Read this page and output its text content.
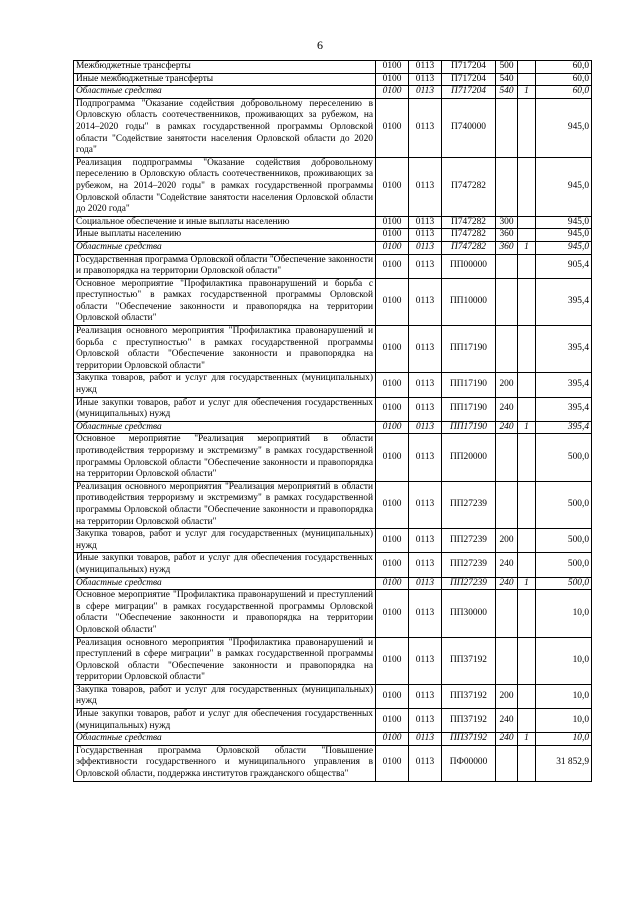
6
Межбюджетные трансферты	0100	0113	П717204	500		60,0
Иные межбюджетные трансферты	0100	0113	П717204	540		60,0
Областные средства	0100	0113	П717204	540	1	60,0
Подпрограмма "Оказание содействия добровольному переселению в Орловскую область соотечественников, проживающих за рубежом, на 2014–2020 годы" в рамках государственной программы Орловской области "Содействие занятости населения Орловской области до 2020 года"	0100	0113	П740000			945,0
Реализация подпрограммы "Оказание содействия добровольному переселению в Орловскую область соотечественников, проживающих за рубежом, на 2014–2020 годы" в рамках государственной программы Орловской области "Содействие занятости населения Орловской области до 2020 года"	0100	0113	П747282			945,0
Социальное обеспечение и иные выплаты населению	0100	0113	П747282	300		945,0
Иные выплаты населению	0100	0113	П747282	360		945,0
Областные средства	0100	0113	П747282	360	1	945,0
Государственная программа Орловской области "Обеспечение законности и правопорядка на территории Орловской области"	0100	0113	ПП00000			905,4
Основное мероприятие "Профилактика правонарушений и борьба с преступностью" в рамках государственной программы Орловской области "Обеспечение законности и правопорядка на территории Орловской области"	0100	0113	ПП10000			395,4
Реализация основного мероприятия "Профилактика правонарушений и борьба с преступностью" в рамках государственной программы Орловской области "Обеспечение законности и правопорядка на территории Орловской области"	0100	0113	ПП17190			395,4
Закупка товаров, работ и услуг для государственных (муниципальных) нужд	0100	0113	ПП17190	200		395,4
Иные закупки товаров, работ и услуг для обеспечения государственных (муниципальных) нужд	0100	0113	ПП17190	240		395,4
Областные средства	0100	0113	ПП17190	240	1	395,4
Основное мероприятие "Реализация мероприятий в области противодействия терроризму и экстремизму" в рамках государственной программы Орловской области "Обеспечение законности и правопорядка на территории Орловской области"	0100	0113	ПП20000			500,0
Реализация основного мероприятия "Реализация мероприятий в области противодействия терроризму и экстремизму" в рамках государственной программы Орловской области "Обеспечение законности и правопорядка на территории Орловской области"	0100	0113	ПП27239			500,0
Закупка товаров, работ и услуг для государственных (муниципальных) нужд	0100	0113	ПП27239	200		500,0
Иные закупки товаров, работ и услуг для обеспечения государственных (муниципальных) нужд	0100	0113	ПП27239	240		500,0
Областные средства	0100	0113	ПП27239	240	1	500,0
Основное мероприятие "Профилактика правонарушений и преступлений в сфере миграции" в рамках государственной программы Орловской области "Обеспечение законности и правопорядка на территории Орловской области"	0100	0113	ПП30000			10,0
Реализация основного мероприятия "Профилактика правонарушений и преступлений в сфере миграции" в рамках государственной программы Орловской области "Обеспечение законности и правопорядка на территории Орловской области"	0100	0113	ПП37192			10,0
Закупка товаров, работ и услуг для государственных (муниципальных) нужд	0100	0113	ПП37192	200		10,0
Иные закупки товаров, работ и услуг для обеспечения государственных (муниципальных) нужд	0100	0113	ПП37192	240		10,0
Областные средства	0100	0113	ПП37192	240	1	10,0
Государственная программа Орловской области "Повышение эффективности государственного и муниципального управления в Орловской области, поддержка институтов гражданского общества"	0100	0113	ПФ00000			31 852,9
